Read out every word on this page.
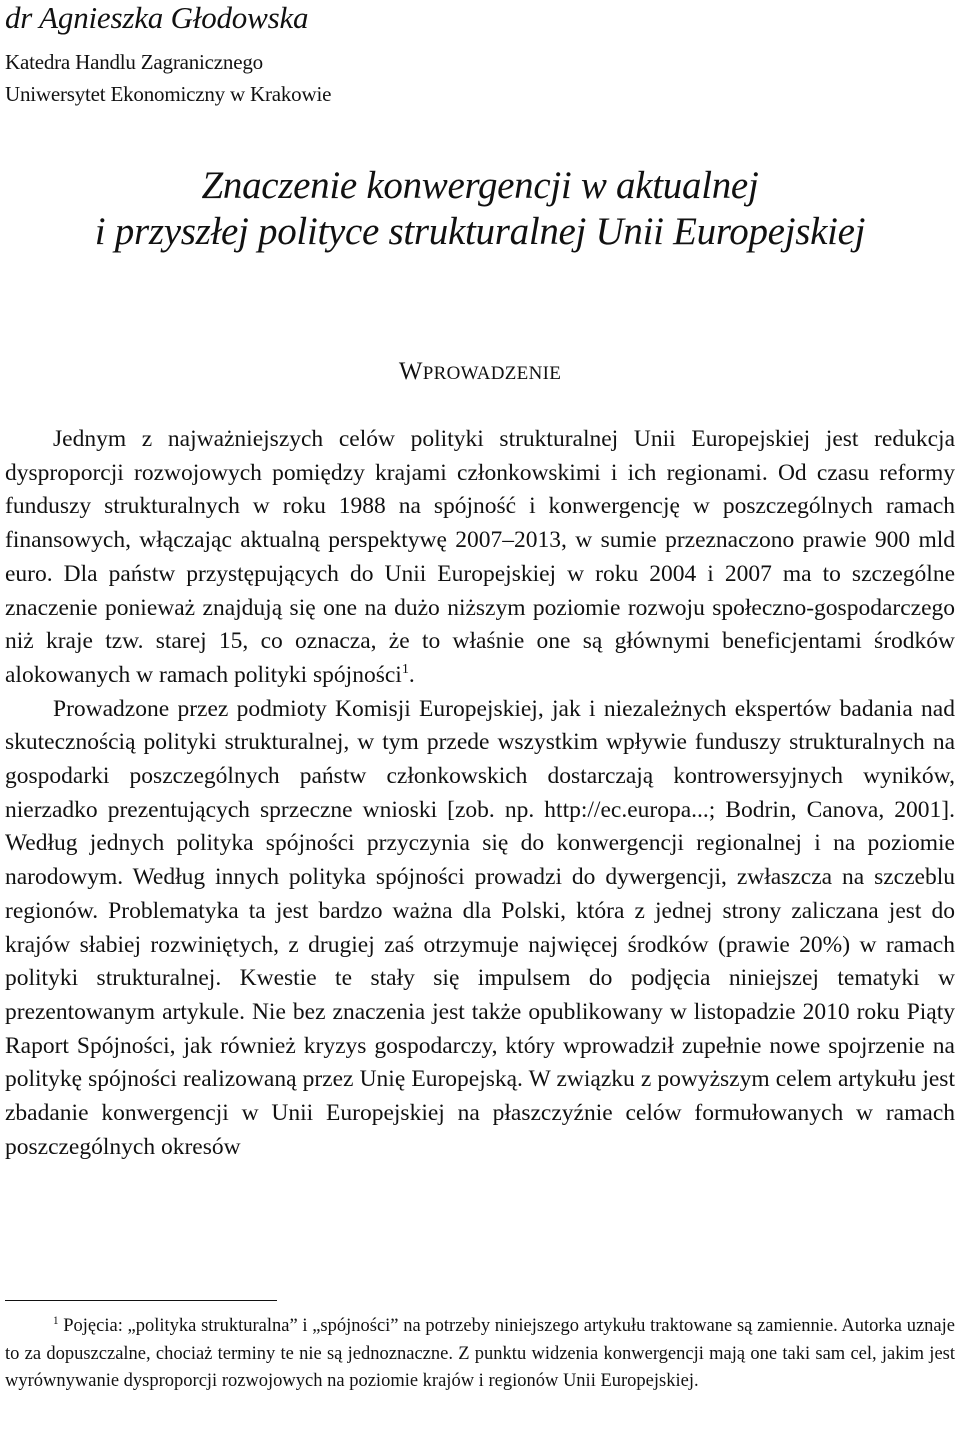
dr Agnieszka Głodowska
Katedra Handlu Zagranicznego
Uniwersytet Ekonomiczny w Krakowie
Znaczenie konwergencji w aktualnej
i przyszłej polityce strukturalnej Unii Europejskiej
WPROWADZENIE

Jednym z najważniejszych celów polityki strukturalnej Unii Europejskiej jest redukcja dysproporcji rozwojowych pomiędzy krajami członkowskimi i ich regionami. Od czasu reformy funduszy strukturalnych w roku 1988 na spójność i konwergencję w poszczególnych ramach finansowych, włączając aktualną perspektywę 2007–2013, w sumie przeznaczono prawie 900 mld euro. Dla państw przystępujących do Unii Europejskiej w roku 2004 i 2007 ma to szczególne znaczenie ponieważ znajdują się one na dużo niższym poziomie rozwoju społeczno-gospodarczego niż kraje tzw. starej 15, co oznacza, że to właśnie one są głównymi beneficjentami środków alokowanych w ramach polityki spójności$^1$.

Prowadzone przez podmioty Komisji Europejskiej, jak i niezależnych ekspertów badania nad skutecznością polityki strukturalnej, w tym przede wszystkim wpływie funduszy strukturalnych na gospodarki poszczególnych państw członkowskich dostarczają kontrowersyjnych wyników, nierzadko prezentujących sprzeczne wnioski [zob. np. http://ec.europa...; Bodrin, Canova, 2001]. Według jednych polityka spójności przyczynia się do konwergencji regionalnej i na poziomie narodowym. Według innych polityka spójności prowadzi do dywergencji, zwłaszcza na szczeblu regionów. Problematyka ta jest bardzo ważna dla Polski, która z jednej strony zaliczana jest do krajów słabiej rozwiniętych, z drugiej zaś otrzymuje najwięcej środków (prawie 20%) w ramach polityki strukturalnej. Kwestie te stały się impulsem do podjęcia niniejszej tematyki w prezentowanym artykule. Nie bez znaczenia jest także opublikowany w listopadzie 2010 roku Piąty Raport Spójności, jak również kryzys gospodarczy, który wprowadził zupełnie nowe spojrzenie na politykę spójności realizowaną przez Unię Europejską. W związku z powyższym celem artykułu jest zbadanie konwergencji w Unii Europejskiej na płaszczyźnie celów formułowanych w ramach poszczególnych okresów

$^1$ Pojęcia: „polityka strukturalna” i „spójności” na potrzeby niniejszego artykułu traktowane są zamiennie. Autorka uznaje to za dopuszczalne, chociaż terminy te nie są jednoznaczne. Z punktu widzenia konwergencji mają one taki sam cel, jakim jest wyrównywanie dysproporcji rozwojowych na poziomie krajów i regionów Unii Europejskiej.
